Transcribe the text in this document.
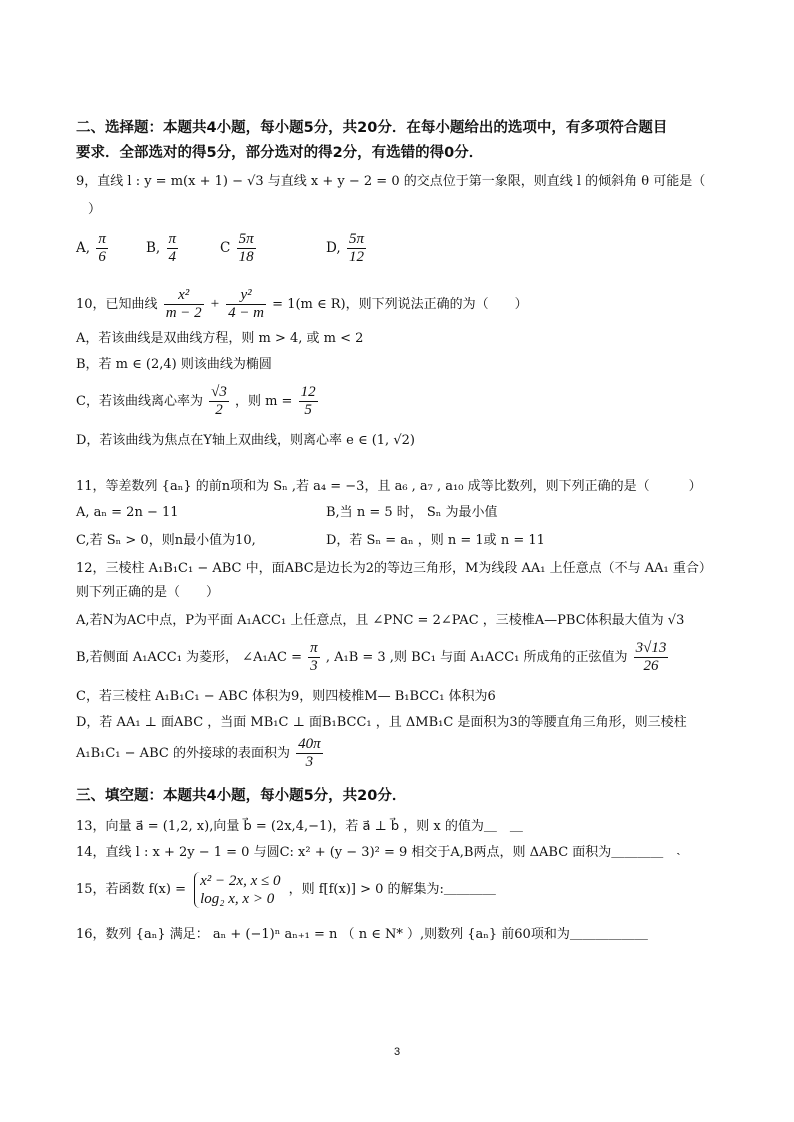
二、选择题：本题共4小题，每小题5分，共20分．在每小题给出的选项中，有多项符合题目
要求．全部选对的得5分，部分选对的得2分，有选错的得0分．
9，直线 l : y = m(x + 1) − √3 与直线 x + y − 2 = 0 的交点位于第一象限，则直线 l 的倾斜角 θ 可能是（
）
A, $\frac{\pi}{6}$	B, $\frac{\pi}{4}$	C $\frac{5\pi}{18}$	D, $\frac{5\pi}{12}$
10，已知曲线 $\frac{\text{x²}}{m - 2} + \frac{\text{y²}}{4 - m} = 1(m$ ∈ R)，则下列说法正确的为（　　）
A，若该曲线是双曲线方程，则 m > 4, 或 m < 2
B，若 m ∈ (2,4) 则该曲线为椭圆
C，若该曲线离心率为 $\frac{√3}{2}$ ，则 $m = \frac{12}{5}$
D，若该曲线为焦点在Y轴上双曲线，则离心率 e ∈ (1, √2)
11，等差数列 {aₙ} 的前n项和为 Sₙ ,若 a₄ = −3，且 a₆ , a₇ , a₁₀ 成等比数列，则下列正确的是（　　　）
A, aₙ = 2n − 11	B,当 n = 5 时， Sₙ 为最小值
C,若 Sₙ > 0，则n最小值为10,	D，若 Sₙ = aₙ ，则 n = 1或 n = 11
12，三棱柱 A₁B₁C₁ − ABC 中，面ABC是边长为2的等边三角形，M为线段 AA₁ 上任意点（不与 AA₁ 重合）
则下列正确的是（　　）
A,若N为AC中点，P为平面 A₁ACC₁ 上任意点，且 ∠PNC = 2∠PAC ，三棱椎A—PBC体积最大值为 √3
B,若侧面 A₁ACC₁ 为菱形， ∠A₁AC = $\frac{\pi}{3}$ , A₁B = 3 ,则 BC₁ 与面 A₁ACC₁ 所成角的正弦值为 $\frac{3√13}{26}$
C，若三棱柱 A₁B₁C₁ − ABC 体积为9，则四棱椎M— B₁BCC₁ 体积为6
D，若 AA₁ ⊥ 面ABC ，当面 MB₁C ⊥ 面B₁BCC₁ ，且 ΔMB₁C 是面积为3的等腰直角三角形，则三棱柱
A₁B₁C₁ − ABC 的外接球的表面积为 $\frac{40\pi}{3}$
三、填空题：本题共4小题，每小题5分，共20分．
13，向量 a⃗ = (1,2, x),向量 b⃗ = (2x,4,−1)，若 a⃗ ⊥ b⃗ ，则 x 的值为＿　＿
14，直线 l : x + 2y − 1 = 0 与圆C: x² + (y − 3)² = 9 相交于A,B两点，则 ΔABC 面积为＿＿＿＿　˴
15，若函数 f(x) =
x² − 2x, x ≤ 0
log₂ x, x > 0
，则 f[f(x)] > 0 的解集为:＿＿＿＿
16，数列 {aₙ} 满足： aₙ + (−1)ⁿ aₙ₊₁ = n （ n ∈ N* ）,则数列 {aₙ} 前60项和为＿＿＿＿＿＿
3
